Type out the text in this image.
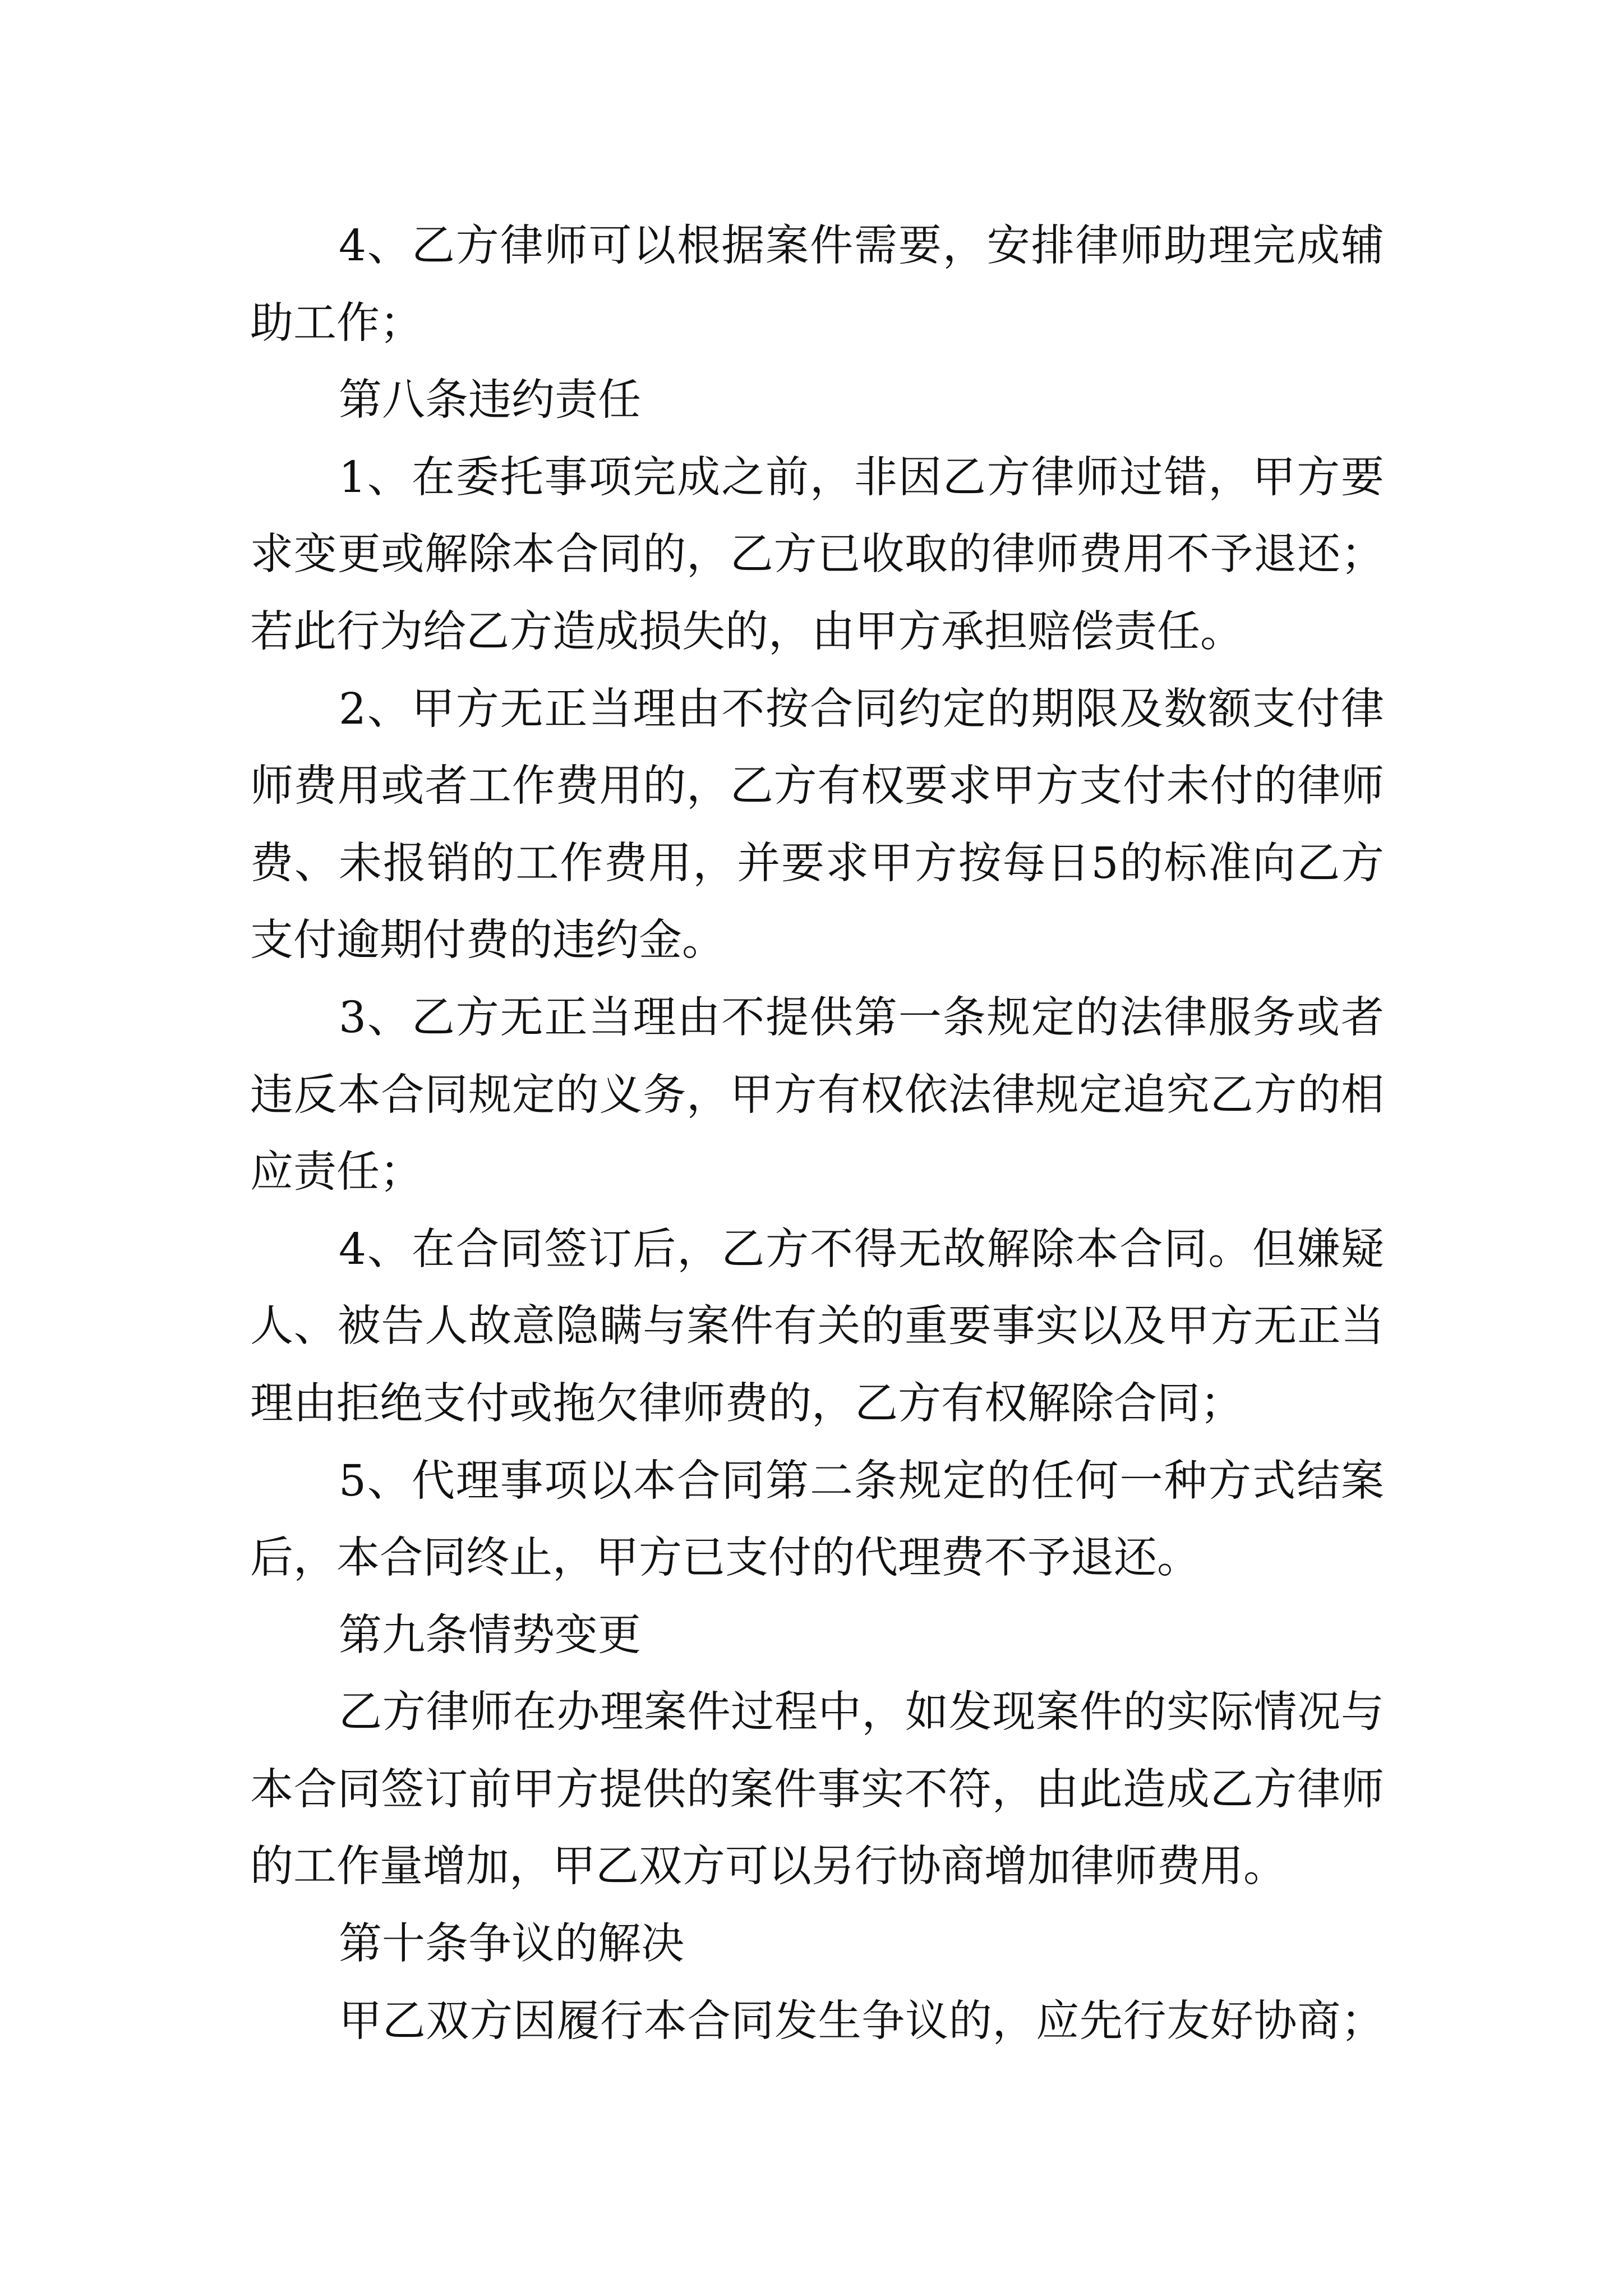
4、乙方律师可以根据案件需要，安排律师助理完成辅
助工作；
第八条违约责任
1、在委托事项完成之前，非因乙方律师过错，甲方要
求变更或解除本合同的，乙方已收取的律师费用不予退还；
若此行为给乙方造成损失的，由甲方承担赔偿责任。
2、甲方无正当理由不按合同约定的期限及数额支付律
师费用或者工作费用的，乙方有权要求甲方支付未付的律师
费、未报销的工作费用，并要求甲方按每日5的标准向乙方
支付逾期付费的违约金。
3、乙方无正当理由不提供第一条规定的法律服务或者
违反本合同规定的义务，甲方有权依法律规定追究乙方的相
应责任；
4、在合同签订后，乙方不得无故解除本合同。但嫌疑
人、被告人故意隐瞒与案件有关的重要事实以及甲方无正当
理由拒绝支付或拖欠律师费的，乙方有权解除合同；
5、代理事项以本合同第二条规定的任何一种方式结案
后，本合同终止，甲方已支付的代理费不予退还。
第九条情势变更
乙方律师在办理案件过程中，如发现案件的实际情况与
本合同签订前甲方提供的案件事实不符，由此造成乙方律师
的工作量增加，甲乙双方可以另行协商增加律师费用。
第十条争议的解决
甲乙双方因履行本合同发生争议的，应先行友好协商；
